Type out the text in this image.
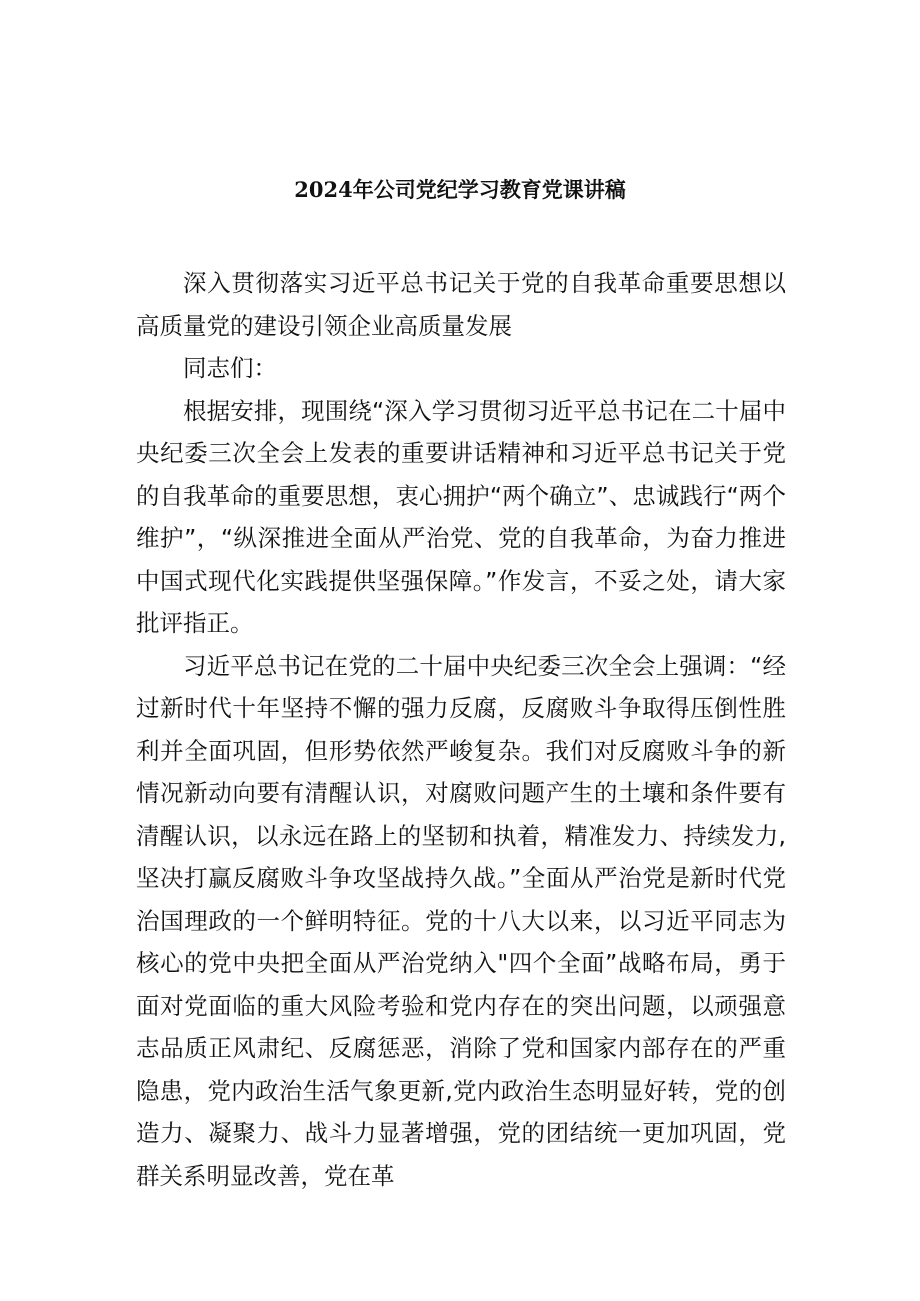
2024年公司党纪学习教育党课讲稿

深入贯彻落实习近平总书记关于党的自我革命重要思想以高质量党的建设引领企业高质量发展

同志们：

根据安排，现围绕“深入学习贯彻习近平总书记在二十届中央纪委三次全会上发表的重要讲话精神和习近平总书记关于党的自我革命的重要思想，衷心拥护“两个确立”、忠诚践行“两个维护”，“纵深推进全面从严治党、党的自我革命，为奋力推进中国式现代化实践提供坚强保障。”作发言，不妥之处，请大家批评指正。

习近平总书记在党的二十届中央纪委三次全会上强调：“经过新时代十年坚持不懈的强力反腐，反腐败斗争取得压倒性胜利并全面巩固，但形势依然严峻复杂。我们对反腐败斗争的新情况新动向要有清醒认识，对腐败问题产生的土壤和条件要有清醒认识，以永远在路上的坚韧和执着，精准发力、持续发力,坚决打赢反腐败斗争攻坚战持久战。”全面从严治党是新时代党治国理政的一个鲜明特征。党的十八大以来，以习近平同志为核心的党中央把全面从严治党纳入"四个全面”战略布局，勇于面对党面临的重大风险考验和党内存在的突出问题，以顽强意志品质正风肃纪、反腐惩恶，消除了党和国家内部存在的严重隐患，党内政治生活气象更新,党内政治生态明显好转，党的创造力、凝聚力、战斗力显著增强，党的团结统一更加巩固，党群关系明显改善，党在革
